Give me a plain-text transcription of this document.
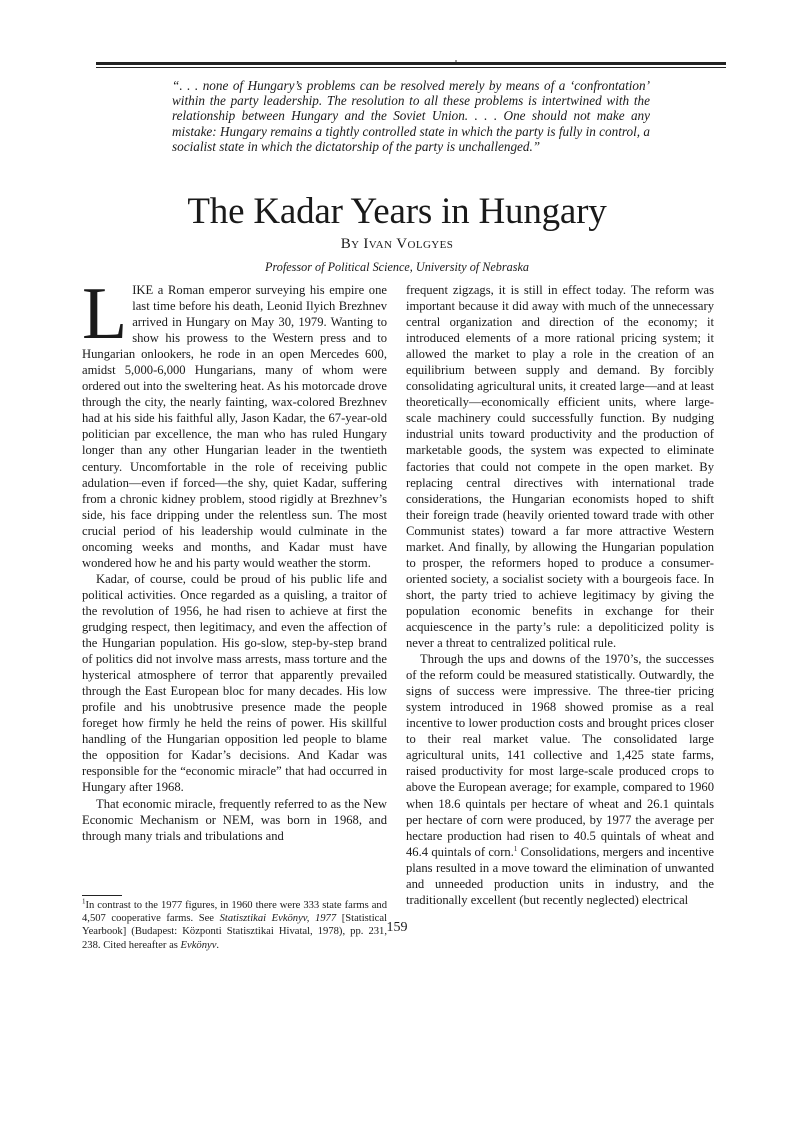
“. . . none of Hungary’s problems can be resolved merely by means of a ‘confrontation’ within the party leadership. The resolution to all these problems is intertwined with the relationship between Hungary and the Soviet Union. . . . One should not make any mistake: Hungary remains a tightly controlled state in which the party is fully in control, a socialist state in which the dictatorship of the party is unchallenged.”

The Kadar Years in Hungary
By Ivan Volgyes
Professor of Political Science, University of Nebraska

LIKE a Roman emperor surveying his empire one last time before his death, Leonid Ilyich Brezhnev arrived in Hungary on May 30, 1979. Wanting to show his prowess to the Western press and to Hungarian onlookers, he rode in an open Mercedes 600, amidst 5,000-6,000 Hungarians, many of whom were ordered out into the sweltering heat. As his motorcade drove through the city, the nearly fainting, wax-colored Brezhnev had at his side his faithful ally, Jason Kadar, the 67-year-old politician par excellence, the man who has ruled Hungary longer than any other Hungarian leader in the twentieth century. Uncomfortable in the role of receiving public adulation—even if forced—the shy, quiet Kadar, suffering from a chronic kidney problem, stood rigidly at Brezhnev’s side, his face dripping under the relentless sun. The most crucial period of his leadership would culminate in the oncoming weeks and months, and Kadar must have wondered how he and his party would weather the storm.

Kadar, of course, could be proud of his public life and political activities. Once regarded as a quisling, a traitor of the revolution of 1956, he had risen to achieve at first the grudging respect, then legitimacy, and even the affection of the Hungarian population. His go-slow, step-by-step brand of politics did not involve mass arrests, mass torture and the hysterical atmosphere of terror that apparently prevailed through the East European bloc for many decades. His low profile and his unobtrusive presence made the people foreget how firmly he held the reins of power. His skillful handling of the Hungarian opposition led people to blame the opposition for Kadar’s decisions. And Kadar was responsible for the “economic miracle” that had occurred in Hungary after 1968.

That economic miracle, frequently referred to as the New Economic Mechanism or NEM, was born in 1968, and through many trials and tribulations and

frequent zigzags, it is still in effect today. The reform was important because it did away with much of the unnecessary central organization and direction of the economy; it introduced elements of a more rational pricing system; it allowed the market to play a role in the creation of an equilibrium between supply and demand. By forcibly consolidating agricultural units, it created large—and at least theoretically—economically efficient units, where large-scale machinery could successfully function. By nudging industrial units toward productivity and the production of marketable goods, the system was expected to eliminate factories that could not compete in the open market. By replacing central directives with international trade considerations, the Hungarian economists hoped to shift their foreign trade (heavily oriented toward trade with other Communist states) toward a far more attractive Western market. And finally, by allowing the Hungarian population to prosper, the reformers hoped to produce a consumer-oriented society, a socialist society with a bourgeois face. In short, the party tried to achieve legitimacy by giving the population economic benefits in exchange for their acquiescence in the party’s rule: a depoliticized polity is never a threat to centralized political rule.

Through the ups and downs of the 1970’s, the successes of the reform could be measured statistically. Outwardly, the signs of success were impressive. The three-tier pricing system introduced in 1968 showed promise as a real incentive to lower production costs and brought prices closer to their real market value. The consolidated large agricultural units, 141 collective and 1,425 state farms, raised productivity for most large-scale produced crops to above the European average; for example, compared to 1960 when 18.6 quintals per hectare of wheat and 26.1 quintals per hectare of corn were produced, by 1977 the average per hectare production had risen to 40.5 quintals of wheat and 46.4 quintals of corn.$^1$ Consolidations, mergers and incentive plans resulted in a move toward the elimination of unwanted and unneeded production units in industry, and the traditionally excellent (but recently neglected) electrical

$^1$In contrast to the 1977 figures, in 1960 there were 333 state farms and 4,507 cooperative farms. See Statisztikai Evkönyv, 1977 [Statistical Yearbook] (Budapest: Központi Statisztikai Hivatal, 1978), pp. 231, 238. Cited hereafter as Evkönyv.

159
